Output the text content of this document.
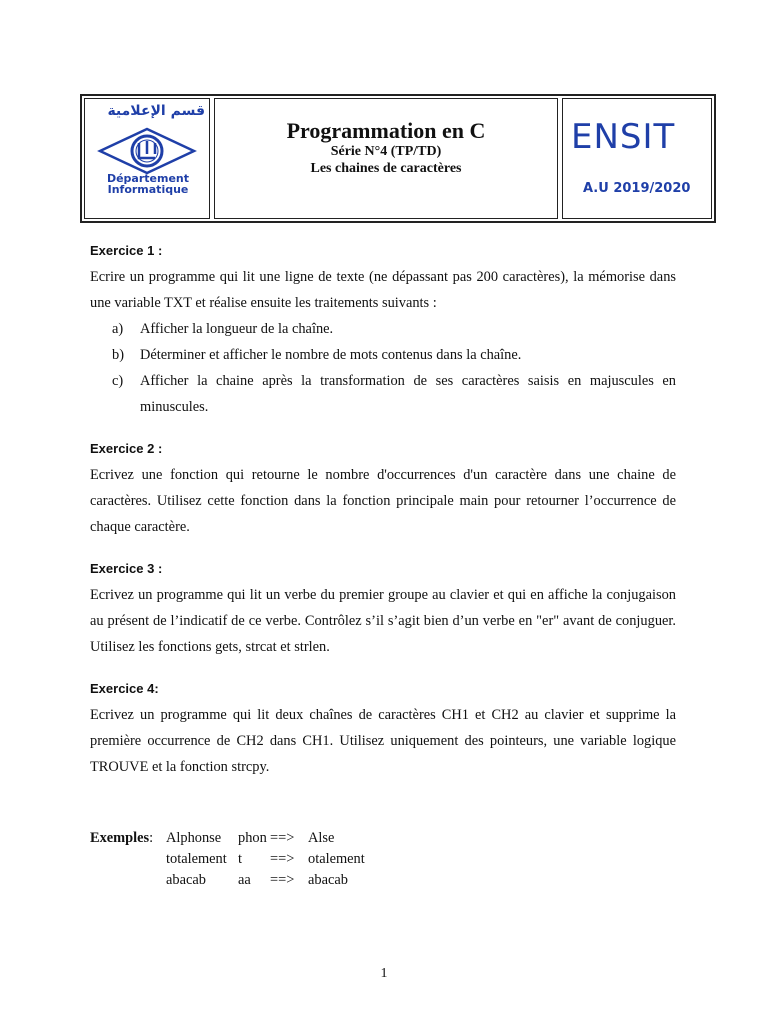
قسم الإعلامية
Département
Informatique
Programmation en C
Série N°4 (TP/TD)
Les chaines de caractères
ENSIT
A.U 2019/2020
Exercice 1 :
Ecrire un programme qui lit une ligne de texte (ne dépassant pas 200 caractères), la mémorise dans une variable TXT et réalise ensuite les traitements suivants :
a)	Afficher la longueur de la chaîne.
b)	Déterminer et afficher le nombre de mots contenus dans la chaîne.
c)	Afficher la chaine après la transformation de ses caractères saisis en majuscules en minuscules.
Exercice 2 :
Ecrivez une fonction qui retourne le nombre d'occurrences d'un caractère dans une chaine de caractères. Utilisez cette fonction dans la fonction principale main pour retourner l’occurrence de chaque caractère.
Exercice 3 :
Ecrivez un programme qui lit un verbe du premier groupe au clavier et qui en affiche la conjugaison au présent de l’indicatif de ce verbe. Contrôlez s’il s’agit bien d’un verbe en "er" avant de conjuguer. Utilisez les fonctions gets, strcat et strlen.
Exercice 4:
Ecrivez un programme qui lit deux chaînes de caractères CH1 et CH2 au clavier et supprime la première occurrence de CH2 dans CH1. Utilisez uniquement des pointeurs, une variable logique TROUVE et la fonction strcpy.
Exemples: Alphonse	phon ==> Alse
totalement t	==> otalement
abacab	aa	==> abacab
1
